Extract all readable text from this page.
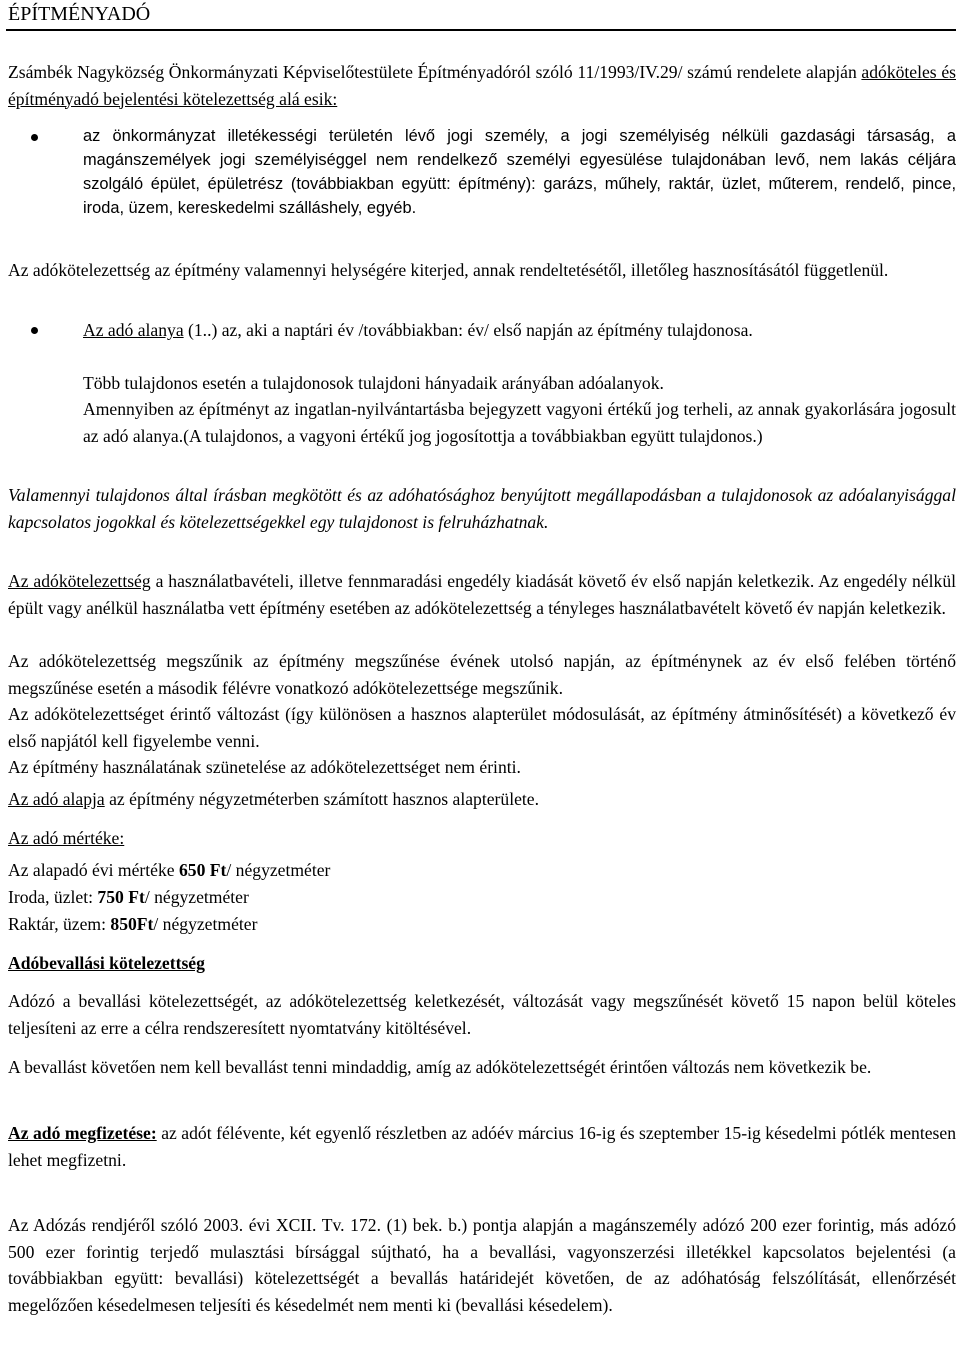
ÉPÍTMÉNYADÓ

Zsámbék Nagyközség Önkormányzati Képviselőtestülete Építményadóról szóló 11/1993/IV.29/ számú rendelete alapján adóköteles és építményadó bejelentési kötelezettség alá esik:

az önkormányzat illetékességi területén lévő jogi személy, a jogi személyiség nélküli gazdasági társaság, a magánszemélyek jogi személyiséggel nem rendelkező személyi egyesülése tulajdonában levő, nem lakás céljára szolgáló épület, épületrész (továbbiakban együtt: építmény): garázs, műhely, raktár, üzlet, műterem, rendelő, pince, iroda, üzem, kereskedelmi szálláshely, egyéb.

Az adókötelezettség az építmény valamennyi helységére kiterjed, annak rendeltetésétől, illetőleg hasznosításától függetlenül.

Az adó alanya (1..) az, aki a naptári év /továbbiakban: év/ első napján az építmény tulajdonosa.

Több tulajdonos esetén a tulajdonosok tulajdoni hányadaik arányában adóalanyok.

Amennyiben az építményt az ingatlan-nyilvántartásba bejegyzett vagyoni értékű jog terheli, az annak gyakorlására jogosult az adó alanya.(A tulajdonos, a vagyoni értékű jog jogosítottja a továbbiakban együtt tulajdonos.)

Valamennyi tulajdonos által írásban megkötött és az adóhatósághoz benyújtott megállapodásban a tulajdonosok az adóalanyisággal kapcsolatos jogokkal és kötelezettségekkel egy tulajdonost is felruházhatnak.

Az adókötelezettség a használatbavételi, illetve fennmaradási engedély kiadását követő év első napján keletkezik. Az engedély nélkül épült vagy anélkül használatba vett építmény esetében az adókötelezettség a tényleges használatbavételt követő év napján keletkezik.

Az adókötelezettség megszűnik az építmény megszűnése évének utolsó napján, az építménynek az év első felében történő megszűnése esetén a második félévre vonatkozó adókötelezettsége megszűnik.

Az adókötelezettséget érintő változást (így különösen a hasznos alapterület módosulását, az építmény átminősítését) a következő év első napjától kell figyelembe venni.

Az építmény használatának szünetelése az adókötelezettséget nem érinti.

Az adó alapja az építmény négyzetméterben számított hasznos alapterülete.

Az adó mértéke:

Az alapadó évi mértéke 650 Ft/ négyzetméter

Iroda, üzlet: 750 Ft/ négyzetméter

Raktár, üzem: 850Ft/ négyzetméter

Adóbevallási kötelezettség

Adózó a bevallási kötelezettségét, az adókötelezettség keletkezését, változását vagy megszűnését követő 15 napon belül köteles teljesíteni az erre a célra rendszeresített nyomtatvány kitöltésével.

A bevallást követően nem kell bevallást tenni mindaddig, amíg az adókötelezettségét érintően változás nem következik be.

Az adó megfizetése: az adót félévente, két egyenlő részletben az adóév március 16-ig és szeptember 15-ig késedelmi pótlék mentesen lehet megfizetni.

Az Adózás rendjéről szóló 2003. évi XCII. Tv. 172. (1) bek. b.) pontja alapján a magánszemély adózó 200 ezer forintig, más adózó 500 ezer forintig terjedő mulasztási bírsággal sújtható, ha a bevallási, vagyonszerzési illetékkel kapcsolatos bejelentési (a továbbiakban együtt: bevallási) kötelezettségét a bevallás határidejét követően, de az adóhatóság felszólítását, ellenőrzését megelőzően késedelmesen teljesíti és késedelmét nem menti ki (bevallási késedelem).
